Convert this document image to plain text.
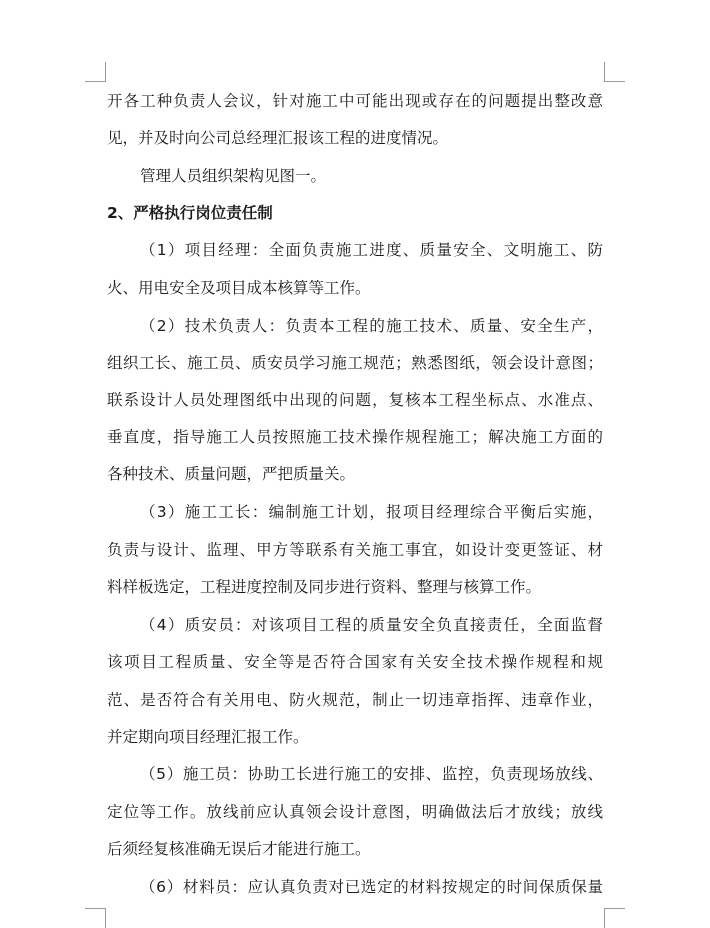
开各工种负责人会议，针对施工中可能出现或存在的问题提出整改意
见，并及时向公司总经理汇报该工程的进度情况。
管理人员组织架构见图一。
2、严格执行岗位责任制
（1）项目经理：全面负责施工进度、质量安全、文明施工、防
火、用电安全及项目成本核算等工作。
（2）技术负责人：负责本工程的施工技术、质量、安全生产，
组织工长、施工员、质安员学习施工规范；熟悉图纸，领会设计意图；
联系设计人员处理图纸中出现的问题，复核本工程坐标点、水准点、
垂直度，指导施工人员按照施工技术操作规程施工；解决施工方面的
各种技术、质量问题，严把质量关。
（3）施工工长：编制施工计划，报项目经理综合平衡后实施，
负责与设计、监理、甲方等联系有关施工事宜，如设计变更签证、材
料样板选定，工程进度控制及同步进行资料、整理与核算工作。
（4）质安员：对该项目工程的质量安全负直接责任，全面监督
该项目工程质量、安全等是否符合国家有关安全技术操作规程和规
范、是否符合有关用电、防火规范，制止一切违章指挥、违章作业，
并定期向项目经理汇报工作。
（5）施工员：协助工长进行施工的安排、监控，负责现场放线、
定位等工作。放线前应认真领会设计意图，明确做法后才放线；放线
后须经复核准确无误后才能进行施工。
（6）材料员：应认真负责对已选定的材料按规定的时间保质保量
